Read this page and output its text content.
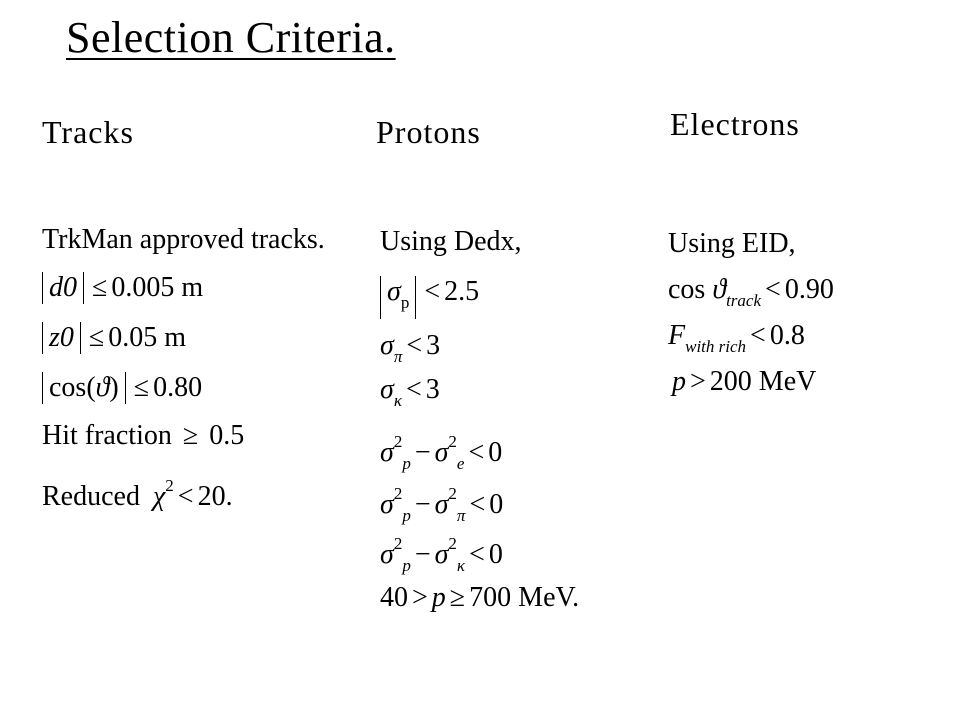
Selection Criteria.
Tracks	Protons	Electrons
TrkMan approved tracks.
d0 ≤ 0.005 m
z0 ≤ 0.05 m
cos(ϑ) ≤ 0.80
Hit fraction ≥ 0.5
Reduced $\chi^2 < 20$.
Using Dedx,
$\sigma_p < 2.5$
$\sigma_\pi < 3$
$\sigma_\kappa < 3$
$\sigma^2_p - \sigma^2_e < 0$
$\sigma^2_p - \sigma^2_\pi < 0$
$\sigma^2_p - \sigma^2_\kappa < 0$
40 > p ≥ 700 MeV.
Using EID,
$\cos ϑ_{track} < 0.90$
$F_{with rich} < 0.8$
p > 200 MeV
